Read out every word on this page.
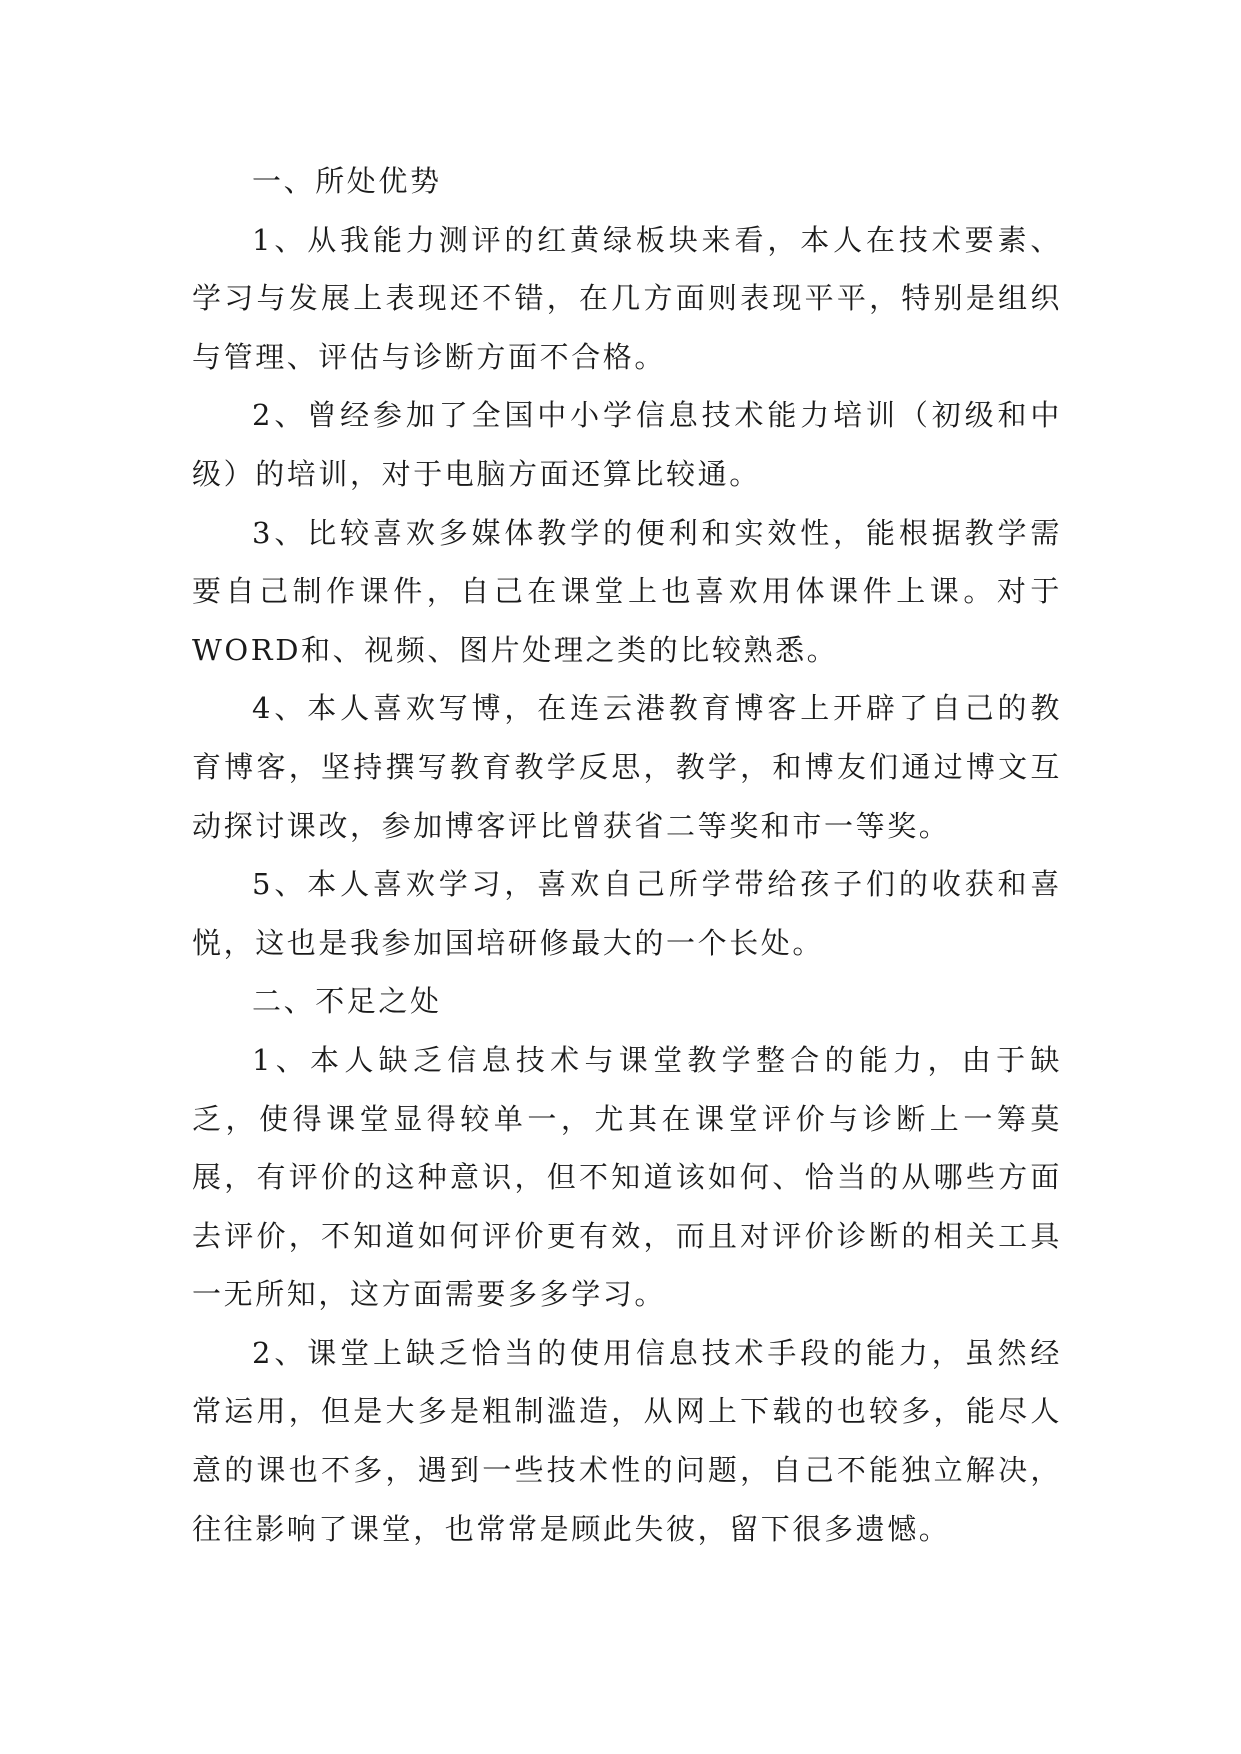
一、所处优势

1、从我能力测评的红黄绿板块来看，本人在技术要素、学习与发展上表现还不错，在几方面则表现平平，特别是组织与管理、评估与诊断方面不合格。

2、曾经参加了全国中小学信息技术能力培训（初级和中级）的培训，对于电脑方面还算比较通。

3、比较喜欢多媒体教学的便利和实效性，能根据教学需要自己制作课件，自己在课堂上也喜欢用体课件上课。对于WORD和、视频、图片处理之类的比较熟悉。

4、本人喜欢写博，在连云港教育博客上开辟了自己的教育博客，坚持撰写教育教学反思，教学，和博友们通过博文互动探讨课改，参加博客评比曾获省二等奖和市一等奖。

5、本人喜欢学习，喜欢自己所学带给孩子们的收获和喜悦，这也是我参加国培研修最大的一个长处。

二、不足之处

1、本人缺乏信息技术与课堂教学整合的能力，由于缺乏，使得课堂显得较单一，尤其在课堂评价与诊断上一筹莫展，有评价的这种意识，但不知道该如何、恰当的从哪些方面去评价，不知道如何评价更有效，而且对评价诊断的相关工具一无所知，这方面需要多多学习。

2、课堂上缺乏恰当的使用信息技术手段的能力，虽然经常运用，但是大多是粗制滥造，从网上下载的也较多，能尽人意的课也不多，遇到一些技术性的问题，自己不能独立解决，往往影响了课堂，也常常是顾此失彼，留下很多遗憾。
